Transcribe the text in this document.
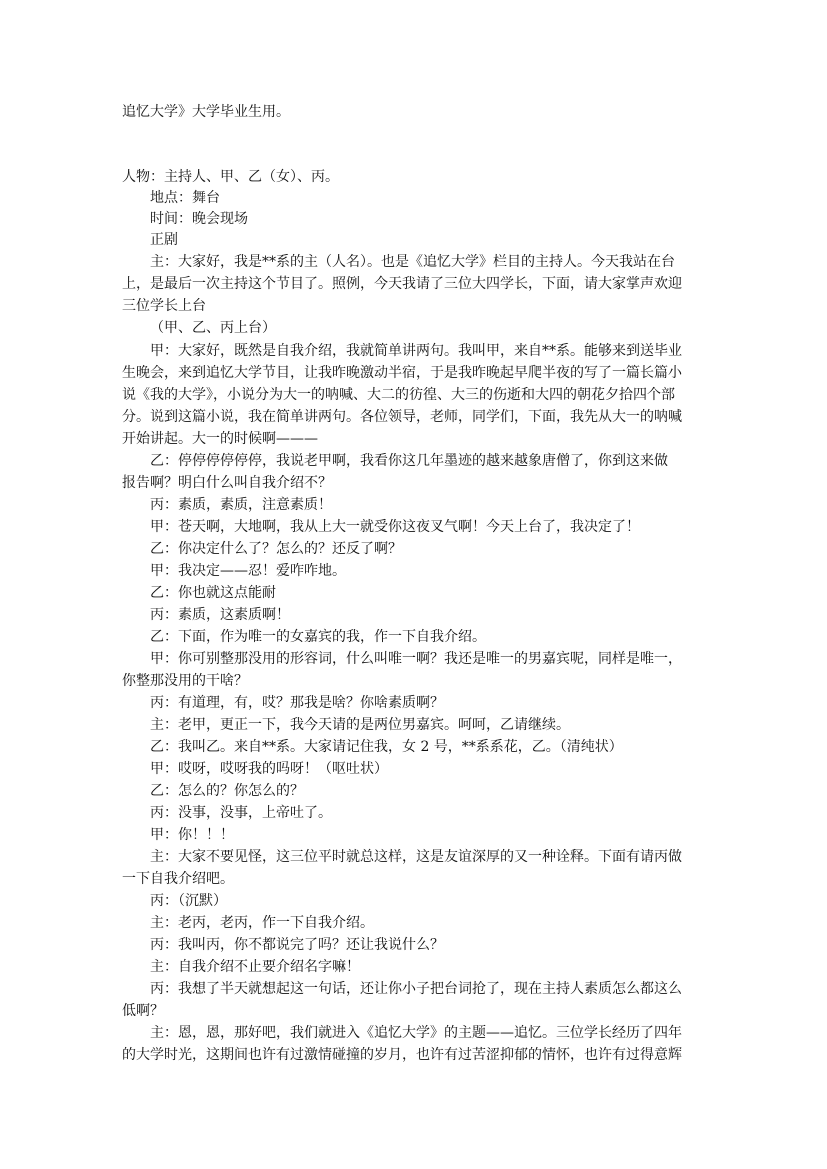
追忆大学》大学毕业生用。
人物：主持人、甲、乙（女）、丙。
地点：舞台
时间：晚会现场
正剧
主：大家好，我是**系的主（人名）。也是《追忆大学》栏目的主持人。今天我站在台
上，是最后一次主持这个节目了。照例，今天我请了三位大四学长，下面，请大家掌声欢迎
三位学长上台
（甲、乙、丙上台）
甲：大家好，既然是自我介绍，我就简单讲两句。我叫甲，来自**系。能够来到送毕业
生晚会，来到追忆大学节目，让我昨晚激动半宿，于是我昨晚起早爬半夜的写了一篇长篇小
说《我的大学》，小说分为大一的呐喊、大二的彷徨、大三的伤逝和大四的朝花夕拾四个部
分。说到这篇小说，我在简单讲两句。各位领导，老师，同学们，下面，我先从大一的呐喊
开始讲起。大一的时候啊———
乙：停停停停停停，我说老甲啊，我看你这几年墨迹的越来越象唐僧了，你到这来做
报告啊？明白什么叫自我介绍不？
丙：素质，素质，注意素质！
甲：苍天啊，大地啊，我从上大一就受你这夜叉气啊！今天上台了，我决定了！
乙：你决定什么了？怎么的？还反了啊？
甲：我决定——忍！爱咋咋地。
乙：你也就这点能耐
丙：素质，这素质啊！
乙：下面，作为唯一的女嘉宾的我，作一下自我介绍。
甲：你可别整那没用的形容词，什么叫唯一啊？我还是唯一的男嘉宾呢，同样是唯一，
你整那没用的干啥？
丙：有道理，有，哎？那我是啥？你啥素质啊？
主：老甲，更正一下，我今天请的是两位男嘉宾。呵呵，乙请继续。
乙：我叫乙。来自**系。大家请记住我，女 2 号，**系系花，乙。（清纯状）
甲：哎呀，哎呀我的吗呀！（呕吐状）
乙：怎么的？你怎么的？
丙：没事，没事，上帝吐了。
甲：你！！！
主：大家不要见怪，这三位平时就总这样，这是友谊深厚的又一种诠释。下面有请丙做
一下自我介绍吧。
丙：（沉默）
主：老丙，老丙，作一下自我介绍。
丙：我叫丙，你不都说完了吗？还让我说什么？
主：自我介绍不止要介绍名字嘛！
丙：我想了半天就想起这一句话，还让你小子把台词抢了，现在主持人素质怎么都这么
低啊？
主：恩，恩，那好吧，我们就进入《追忆大学》的主题——追忆。三位学长经历了四年
的大学时光，这期间也许有过激情碰撞的岁月，也许有过苦涩抑郁的情怀，也许有过得意辉
